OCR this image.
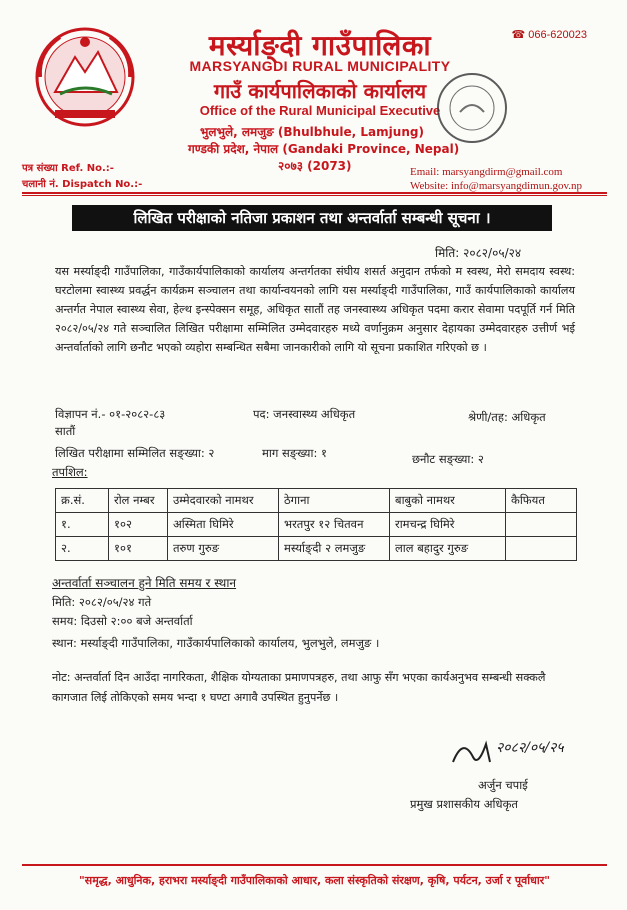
☎ 066-620023
मर्स्याङ्दी गाउँपालिका
MARSYANGDI RURAL MUNICIPALITY
गाउँ कार्यपालिकाको कार्यालय
Office of the Rural Municipal Executive
भुलभुले, लमजुङ (Bhulbhule, Lamjung)
गण्डकी प्रदेश, नेपाल (Gandaki Province, Nepal)
२०७३ (2073)
पत्र संख्या Ref. No.:-
चलानी नं. Dispatch No.:-
Email: marsyangdirm@gmail.com
Website: info@marsyangdimun.gov.np
लिखित परीक्षाको नतिजा प्रकाशन तथा अन्तर्वार्ता सम्बन्धी सूचना ।
मिति: २०८२/०५/२४
यस मर्स्याङ्दी गाउँपालिका, गाउँकार्यपालिकाको कार्यालय अन्तर्गतका संघीय शसर्त अनुदान तर्फको म स्वस्थ, मेरो समदाय स्वस्थ: घरटोलमा स्वास्थ्य प्रवर्द्धन कार्यक्रम सञ्चालन तथा कार्यान्वयनको लागि यस मर्स्याङ्दी गाउँपालिका, गाउँ कार्यपालिकाको कार्यालय अन्तर्गत नेपाल स्वास्थ्य सेवा, हेल्थ इन्स्पेक्सन समूह, अधिकृत सातौं तह जनस्वास्थ्य अधिकृत पदमा करार सेवामा पदपूर्ति गर्न मिति २०८२/०५/२४ गते सञ्चालित लिखित परीक्षामा सम्मिलित उम्मेदवारहरु मध्ये वर्णानुक्रम अनुसार देहायका उम्मेदवारहरु उत्तीर्ण भई अन्तर्वार्ताको लागि छनौट भएको व्यहोरा सम्बन्धित सबैमा जानकारीको लागि यो सूचना प्रकाशित गरिएको छ ।
विज्ञापन नं.- ०१-२०८२-८३	पद: जनस्वास्थ्य अधिकृत	श्रेणी/तह: अधिकृत
सातौं
लिखित परीक्षामा सम्मिलित सङ्ख्या: २	माग सङ्ख्या: १	छनौट सङ्ख्या: २
तपशिल:
क्र.सं.	रोल नम्बर	उम्मेदवारको नामथर	ठेगाना	बाबुको नामथर	कैफियत
१.	१०२	अस्मिता घिमिरे	भरतपुर १२ चितवन	रामचन्द्र घिमिरे	
२.	१०१	तरुण गुरुङ	मर्स्याङ्दी २ लमजुङ	लाल बहादुर गुरुङ	
अन्तर्वार्ता सञ्चालन हुने मिति समय र स्थान
मिति: २०८२/०५/२४ गते
समय: दिउसो २:०० बजे अन्तर्वार्ता
स्थान: मर्स्याङ्दी गाउँपालिका, गाउँकार्यपालिकाको कार्यालय, भुलभुले, लमजुङ ।
नोट: अन्तर्वार्ता दिन आउँदा नागरिकता, शैक्षिक योग्यताका प्रमाणपत्रहरु, तथा आफु सँग भएका कार्यअनुभव सम्बन्धी सक्कलै कागजात लिई तोकिएको समय भन्दा १ घण्टा अगावै उपस्थित हुनुपर्नेछ ।
२०८२/०५/२५
अर्जुन चपाई
प्रमुख प्रशासकीय अधिकृत
"समृद्ध, आधुनिक, हराभरा मर्स्याङ्दी गाउँपालिकाको आधार, कला संस्कृतिको संरक्षण, कृषि, पर्यटन, उर्जा र पूर्वाधार"
